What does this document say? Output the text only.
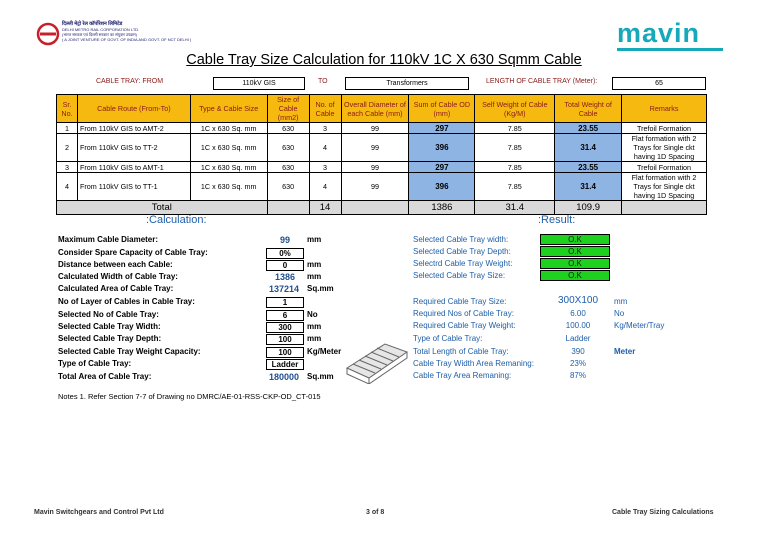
दिल्ली मेट्रो रेल कॉर्पोरेशन लिमिटेड
DELHI METRO RAIL CORPORATION LTD.
(भारत सरकार एवं दिल्ली सरकार का संयुक्त उपक्रम)
( A JOINT VENTURE OF GOVT. OF INDIA AND GOVT. OF NCT DELHI )	mavin
Cable Tray Size Calculation for 110kV 1C X 630 Sqmm Cable
CABLE TRAY: FROM	110kV GIS	TO	Transformers	LENGTH OF CABLE TRAY (Meter):	65
Sr. No.	Cable Route (From-To)	Type & Cable Size	Size of Cable (mm2)	No. of Cable	Overall Diameter of each Cable (mm)	Sum of Cable OD (mm)	Self Weight of Cable (Kg/M)	Total Weight of Cable	Remarks
1	From 110kV GIS to AMT-2	1C x 630 Sq. mm	630	3	99	297	7.85	23.55	Trefoil Formation

2	From 110kV GIS to TT-2	1C x 630 Sq. mm	630	4	99	396	7.85	31.4	Flat formation with 2
Trays for Single ckt
having 1D Spacing

3	From 110kV GIS to AMT-1	1C x 630 Sq. mm	630	3	99	297	7.85	23.55	Trefoil Formation

4	From 110kV GIS to TT-1	1C x 630 Sq. mm	630	4	99	396	7.85	31.4	Flat formation with 2
Trays for Single ckt
having 1D Spacing

Total				14		1386	31.4	109.9	
:Calculation:	:Result:
Maximum Cable Diameter:	99	mm
Consider Spare Capacity of Cable Tray:	0%
Distance between each Cable:	0	mm
Calculated Width of Cable Tray:	1386	mm
Calculated Area of Cable Tray:	137214 Sq.mm
No of Layer of Cables in Cable Tray:	1
Selected No of Cable Tray:	6	No
Selected Cable Tray Width:	300	mm
Selected Cable Tray Depth:	100	mm
Selected Cable Tray Weight Capacity:	100	Kg/Meter
Type of Cable Tray:	Ladder
Total Area of Cable Tray:	180000 Sq.mm
Selected Cable Tray width:	O.K
Selected Cable Tray Depth:	O.K
Selectrd Cable Tray Weight:	O.K
Selected Cable Tray Size:	O.K
Required Cable Tray Size:	300X100	mm
Required Nos of Cable Tray:	6.00	No
Required Cable Tray Weight:	100.00	Kg/Meter/Tray
Type of Cable Tray:	Ladder
Total Length of Cable Tray:	390	Meter
Cable Tray Width Area Remaning:	23%
Cable Tray Area Remaning:	87%
Notes 1. Refer Section 7-7 of Drawing no DMRC/AE-01-RSS-CKP-OD_CT-015
Mavin Switchgears and Control Pvt Ltd	3 of 8	Cable Tray Sizing Calculations
